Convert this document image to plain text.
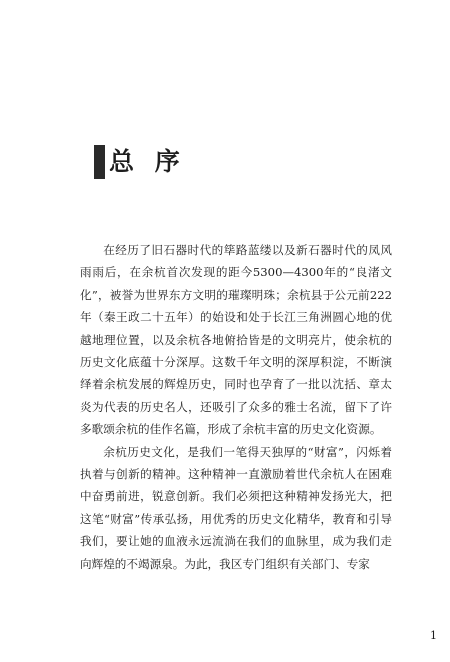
总 序

在经历了旧石器时代的筚路蓝缕以及新石器时代的凤风雨雨后，在余杭首次发现的距今5300—4300年的“良渚文化”，被誉为世界东方文明的璀璨明珠；余杭县于公元前222年（秦王政二十五年）的始设和处于长江三角洲圆心地的优越地理位置，以及余杭各地俯拾皆是的文明亮片，使余杭的历史文化底蕴十分深厚。这数千年文明的深厚积淀，不断演绎着余杭发展的辉煌历史，同时也孕育了一批以沈括、章太炎为代表的历史名人，还吸引了众多的雅士名流，留下了许多歌颂余杭的佳作名篇，形成了余杭丰富的历史文化资源。

余杭历史文化，是我们一笔得天独厚的“财富”，闪烁着执着与创新的精神。这种精神一直激励着世代余杭人在困难中奋勇前进，锐意创新。我们必须把这种精神发扬光大，把这笔“财富”传承弘扬，用优秀的历史文化精华，教育和引导我们，要让她的血液永远流淌在我们的血脉里，成为我们走向辉煌的不竭源泉。为此，我区专门组织有关部门、专家

1
